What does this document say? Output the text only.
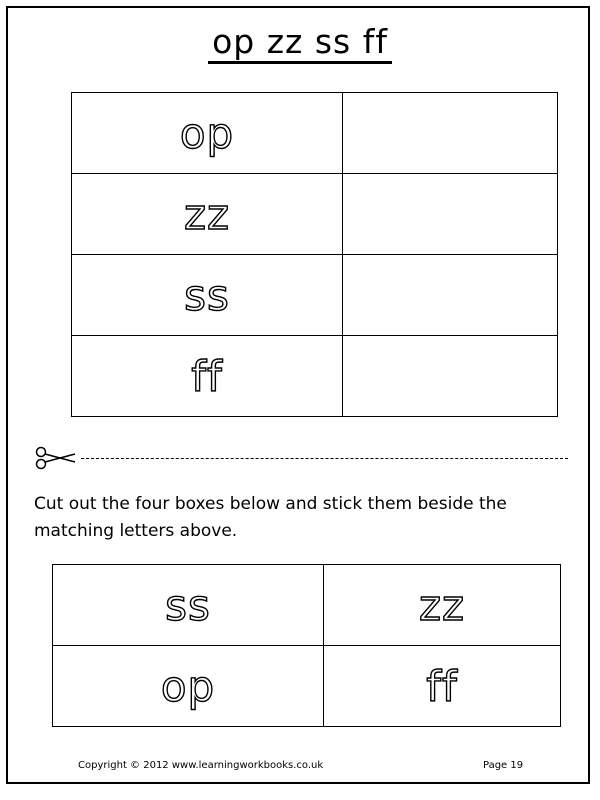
op zz ss ff
op	
zz	
ss	
ff	
Cut out the four boxes below and stick them beside the matching letters above.
ss	zz
op	ff
Copyright © 2012 www.learningworkbooks.co.uk	Page 19
